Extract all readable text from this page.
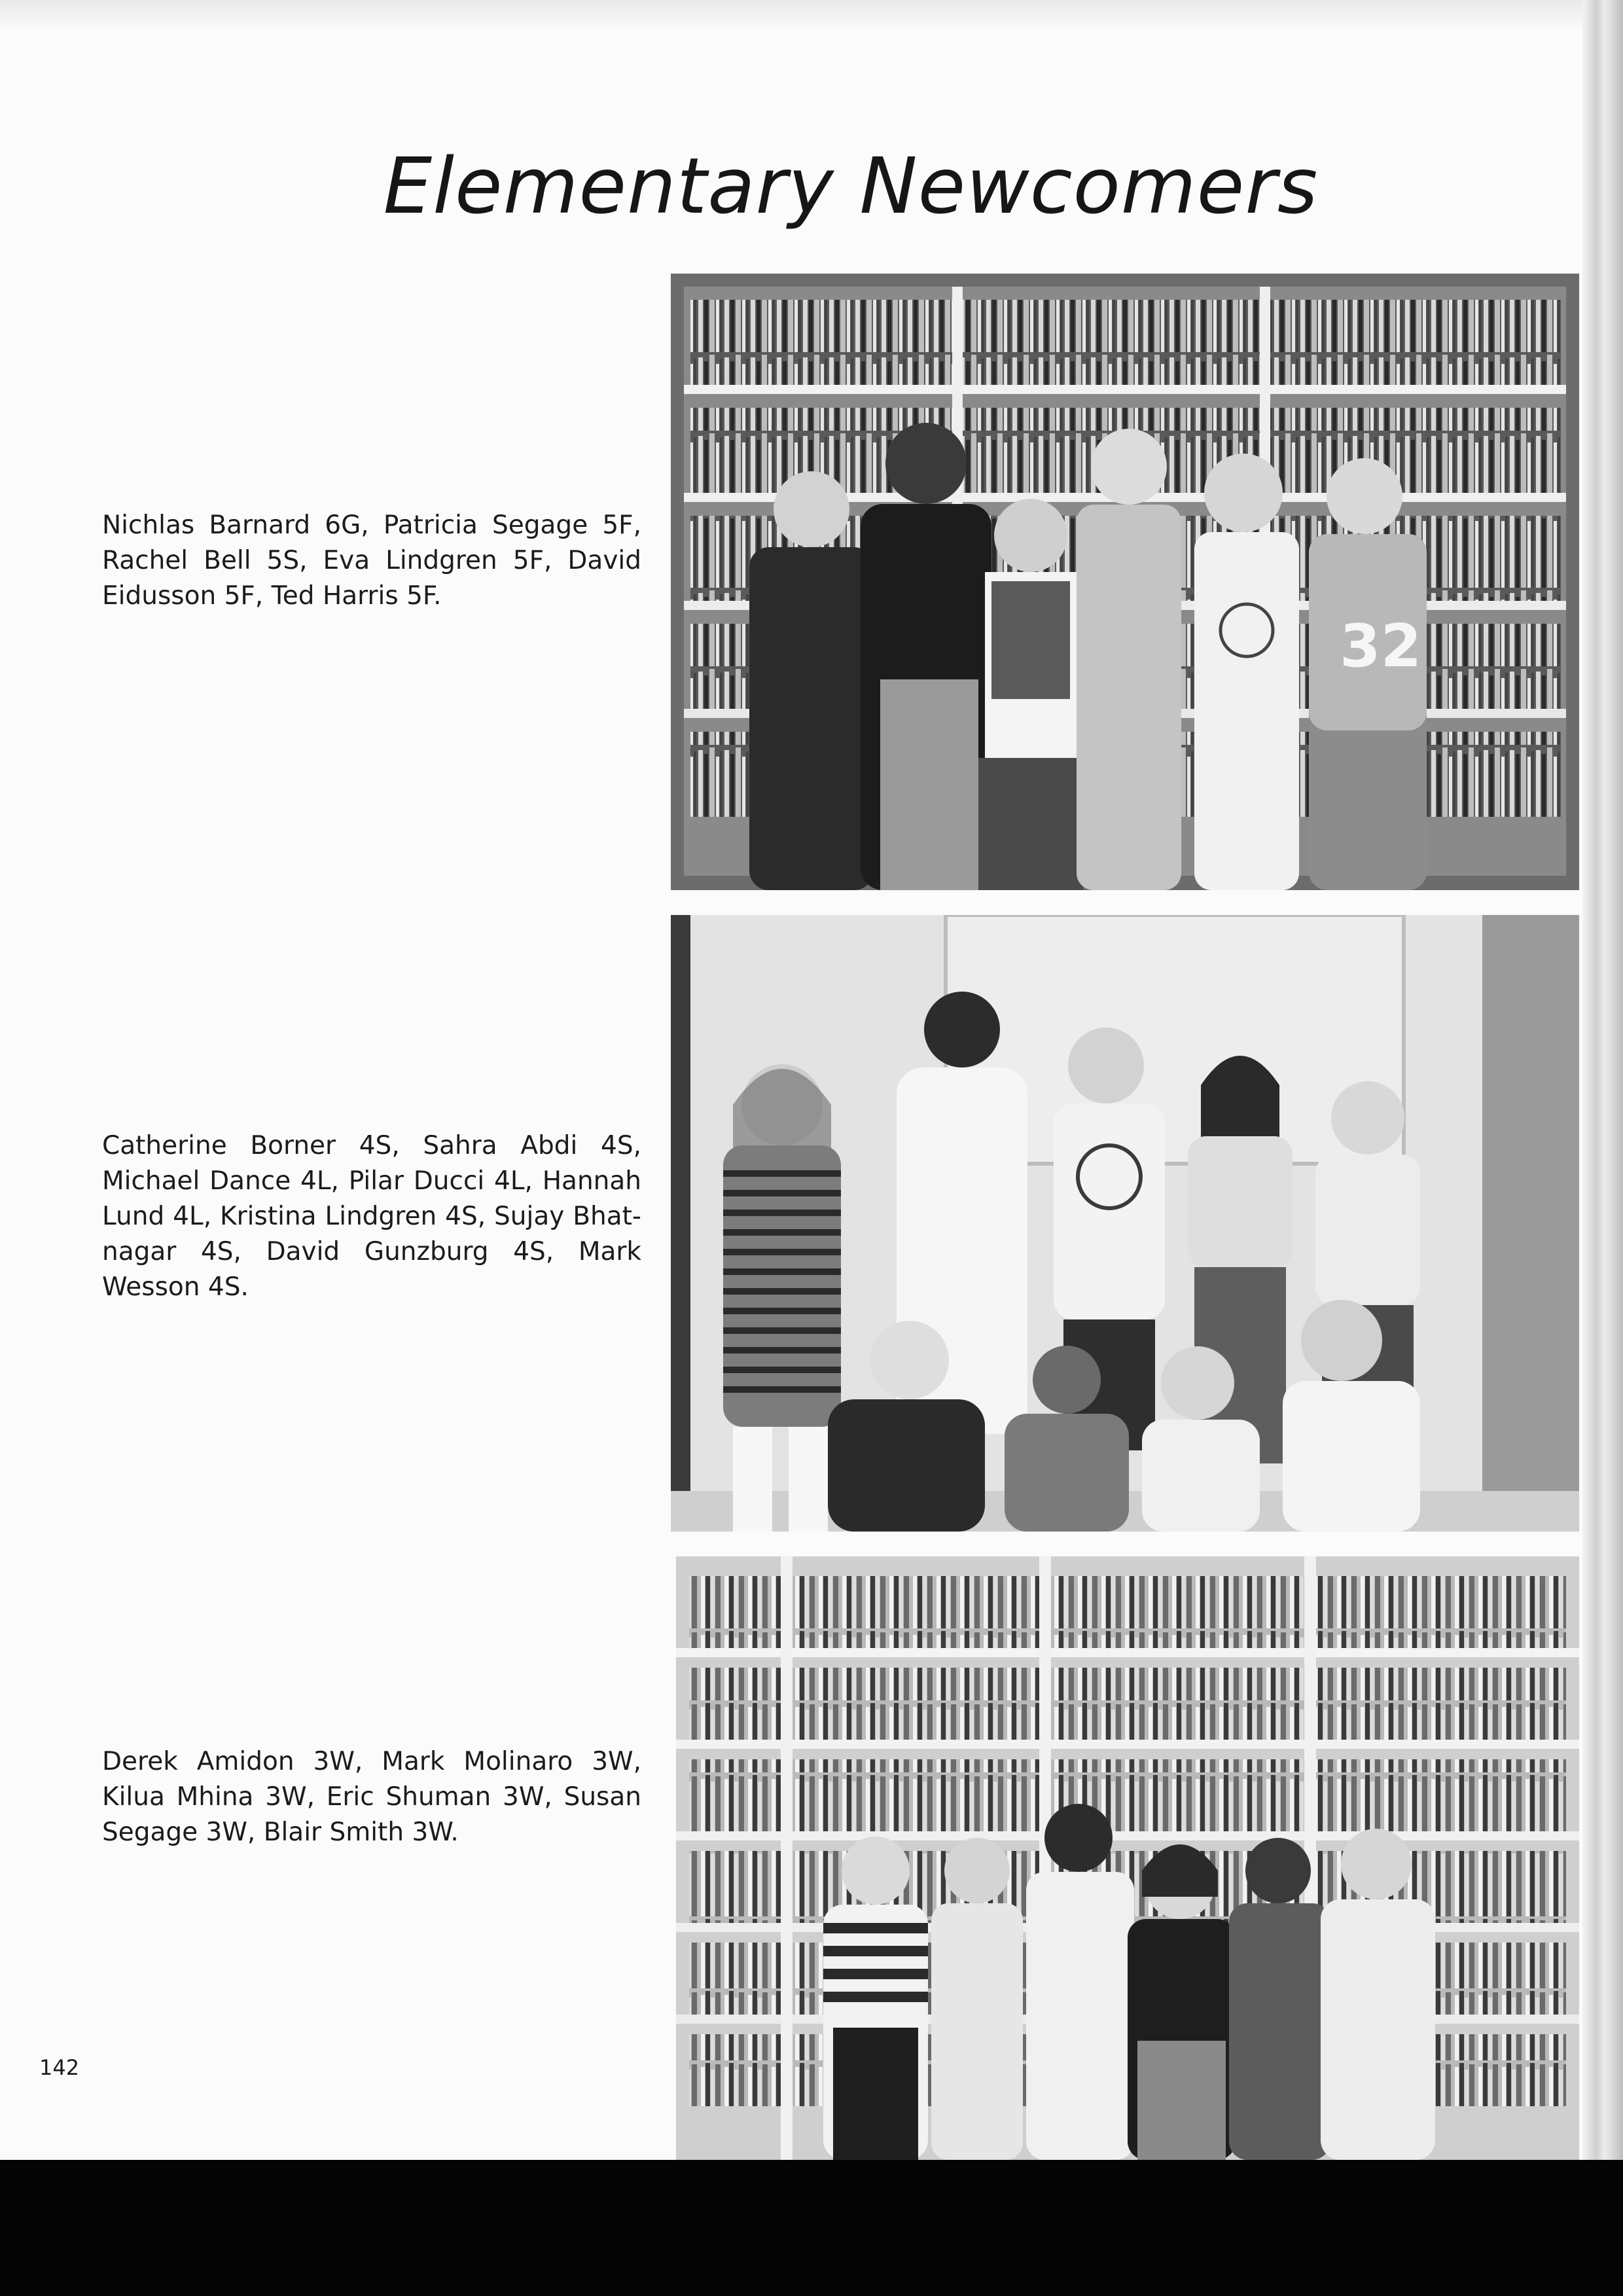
Elementary Newcomers

Nichlas Barnard 6G, Patricia Segage 5F, Rachel Bell 5S, Eva Lindgren 5F, David Eidusson 5F, Ted Harris 5F.

32

Catherine Borner 4S, Sahra Abdi 4S, Michael Dance 4L, Pilar Ducci 4L, Hannah Lund 4L, Kristina Lindgren 4S, Sujay Bhat-nagar 4S, David Gunzburg 4S, Mark Wesson 4S.

Derek Amidon 3W, Mark Molinaro 3W, Kilua Mhina 3W, Eric Shuman 3W, Susan Segage 3W, Blair Smith 3W.

142
